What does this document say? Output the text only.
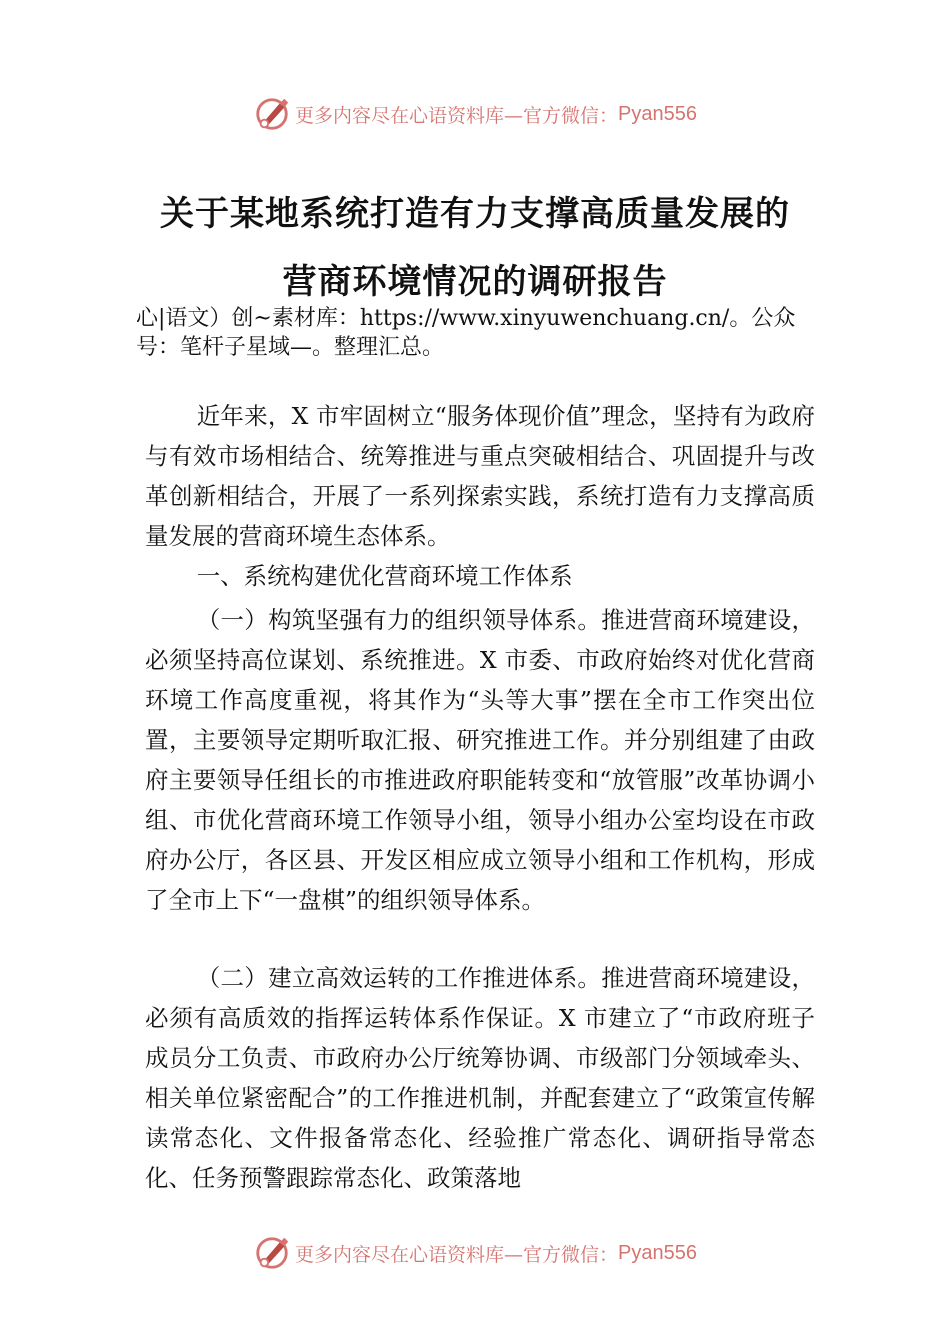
更多内容尽在心语资料库—官方微信： Pyan556
关于某地系统打造有力支撑高质量发展的
营商环境情况的调研报告
心|语文）创~素材库：https://www.xinyuwenchuang.cn/。公众号：笔杆子星域—。整理汇总。

近年来，X 市牢固树立“服务体现价值”理念，坚持有为政府与有效市场相结合、统筹推进与重点突破相结合、巩固提升与改革创新相结合，开展了一系列探索实践，系统打造有力支撑高质量发展的营商环境生态体系。

一、系统构建优化营商环境工作体系

（一）构筑坚强有力的组织领导体系。推进营商环境建设，必须坚持高位谋划、系统推进。X 市委、市政府始终对优化营商环境工作高度重视，将其作为“头等大事”摆在全市工作突出位置，主要领导定期听取汇报、研究推进工作。并分别组建了由政府主要领导任组长的市推进政府职能转变和“放管服”改革协调小组、市优化营商环境工作领导小组，领导小组办公室均设在市政府办公厅，各区县、开发区相应成立领导小组和工作机构，形成了全市上下“一盘棋”的组织领导体系。

（二）建立高效运转的工作推进体系。推进营商环境建设，必须有高质效的指挥运转体系作保证。X 市建立了“市政府班子成员分工负责、市政府办公厅统筹协调、市级部门分领域牵头、相关单位紧密配合”的工作推进机制，并配套建立了“政策宣传解读常态化、文件报备常态化、经验推广常态化、调研指导常态化、任务预警跟踪常态化、政策落地

更多内容尽在心语资料库—官方微信： Pyan556
